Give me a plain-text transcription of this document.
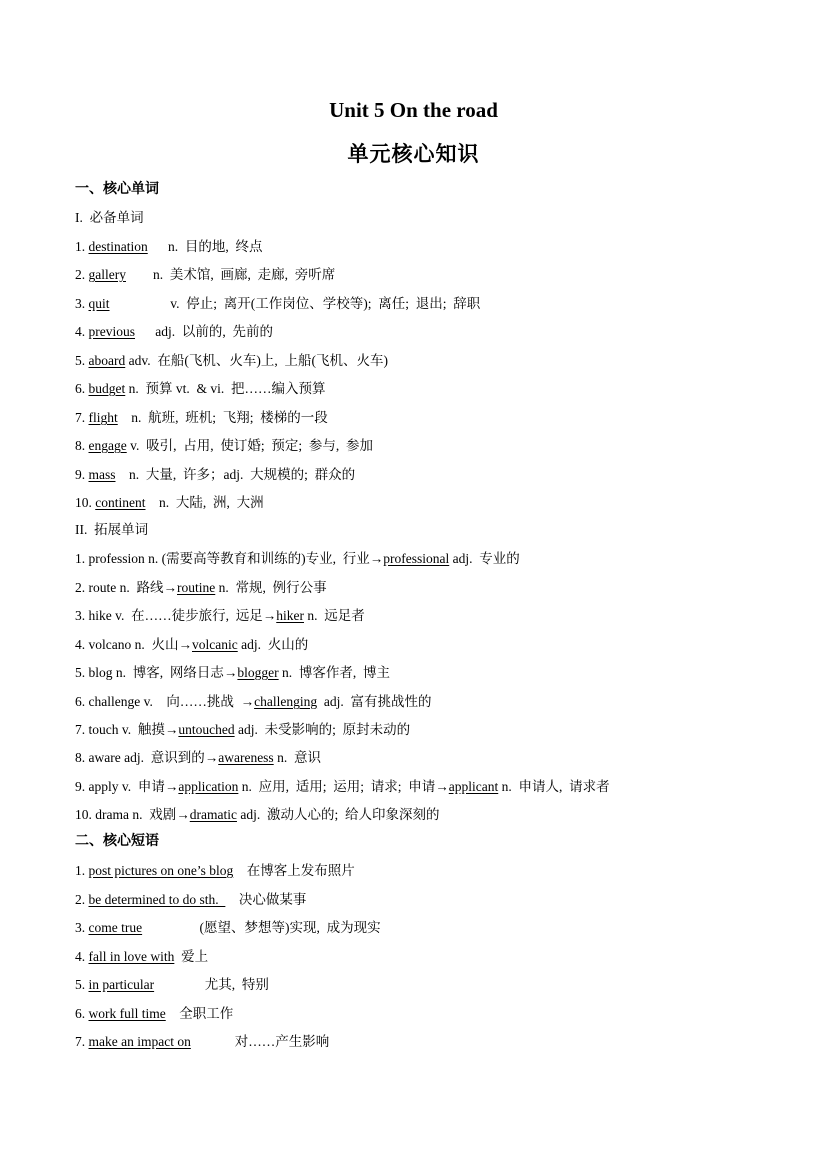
Unit 5 On the road
单元核心知识
一、核心单词
I.  必备单词
1. destination      n.  目的地,  终点
2. gallery        n.  美术馆,  画廊,  走廊,  旁听席
3. quit                  v.  停止;  离开(工作岗位、学校等);  离任;  退出;  辞职
4. previous      adj.  以前的,  先前的
5. aboard adv.  在船(飞机、火车)上,  上船(飞机、火车)
6. budget n.  预算 vt.  & vi.  把……编入预算
7. flight    n.  航班,  班机;  飞翔;  楼梯的一段
8. engage v.  吸引,  占用,  使订婚;  预定;  参与,  参加
9. mass    n.  大量,  许多；adj.  大规模的;  群众的
10. continent    n.  大陆,  洲,  大洲
II.  拓展单词
1. profession n. (需要高等教育和训练的)专业,  行业→professional adj.  专业的
2. route n.  路线→routine n.  常规,  例行公事
3. hike v.  在……徒步旅行,  远足→hiker n.  远足者
4. volcano n.  火山→volcanic adj.  火山的
5. blog n.  博客,  网络日志→blogger n.  博客作者,  博主
6. challenge v.    向……挑战  →challenging  adj.  富有挑战性的
7. touch v.  触摸→untouched adj.  未受影响的;  原封未动的
8. aware adj.  意识到的→awareness n.  意识
9. apply v.  申请→application n.  应用,  适用;  运用;  请求;  申请→applicant n.  申请人,  请求者
10. drama n.  戏剧→dramatic adj.  激动人心的;  给人印象深刻的
二、核心短语
1. post pictures on one’s blog    在博客上发布照片
2. be determined to do sth.      决心做某事
3. come true                 (愿望、梦想等)实现,  成为现实
4. fall in love with  爱上
5. in particular               尤其,  特别
6. work full time    全职工作
7. make an impact on             对……产生影响
